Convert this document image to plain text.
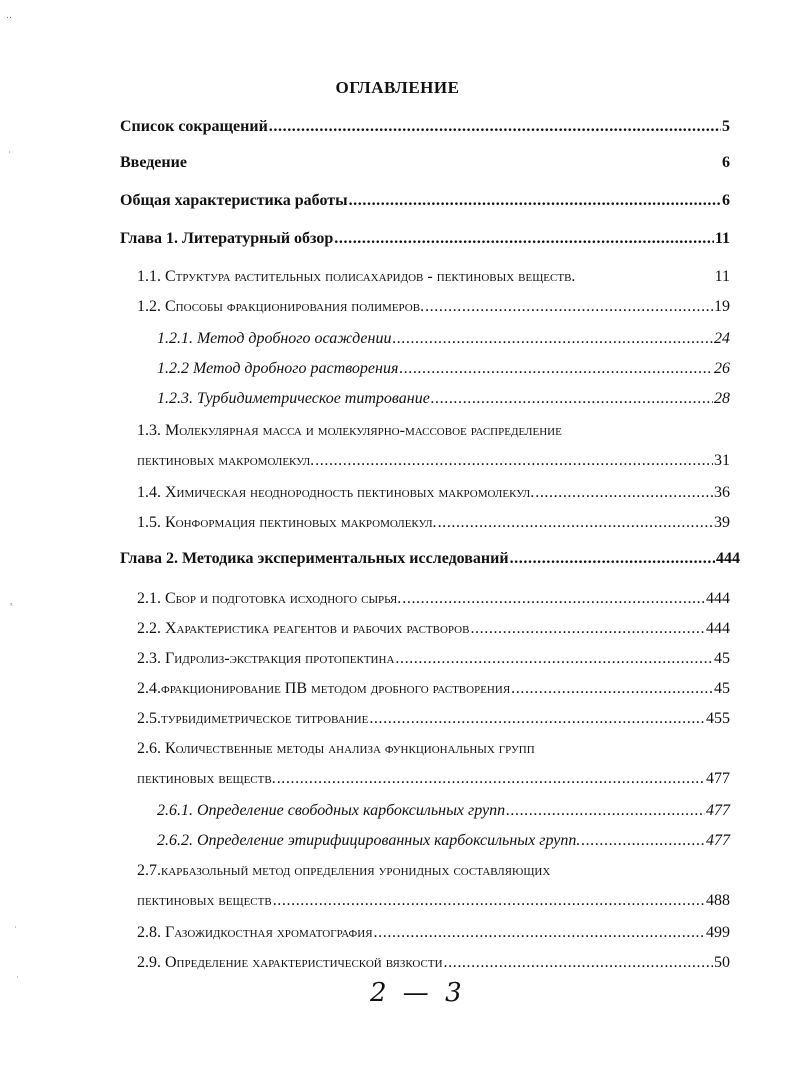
ОГЛАВЛЕНИЕ
Список сокращений .....	5
Введение	6
Общая характеристика работы .....	6
Глава 1. Литературный обзор .....	11
1.1. Структура растительных полисахаридов - пектиновых веществ.	11
1.2. Способы фракционирования полимеров. .....	19
1.2.1. Метод дробного осаждении .....	24
1.2.2 Метод дробного растворения .....	26
1.2.3. Турбидиметрическое титрование .....	28
1.3. Молекулярная масса и молекулярно-массовое распределение
пектиновых макромолекул. .....	31
1.4. Химическая неоднородность пектиновых макромолекул. .....	36
1.5. Конформация пектиновых макромолекул. .....	39
Глава 2. Методика экспериментальных исследований .....	444
2.1. Сбор и подготовка исходного сырья. .....	444
2.2. Характеристика реагентов и рабочих растворов .....	444
2.3. Гидролиз-экстракция протопектина .....	45
2.4.фракционирование ПВ методом дробного растворения .....	45
2.5.турбидиметрическое титрование .....	455
2.6. Количественные методы анализа функциональных групп
пектиновых веществ. .....	477
2.6.1. Определение свободных карбоксильных групп .....	477
2.6.2. Определение этирифицированных карбоксильных групп. .....	477
2.7.карбазольный метод определения уронидных составляющих
пектиновых веществ .....	488
2.8. Газожидкостная хроматография .....	499
2.9. Определение характеристической вязкости .....	50
2 — 3
‥
ʾ
ˣ
ʾ
ʾ
